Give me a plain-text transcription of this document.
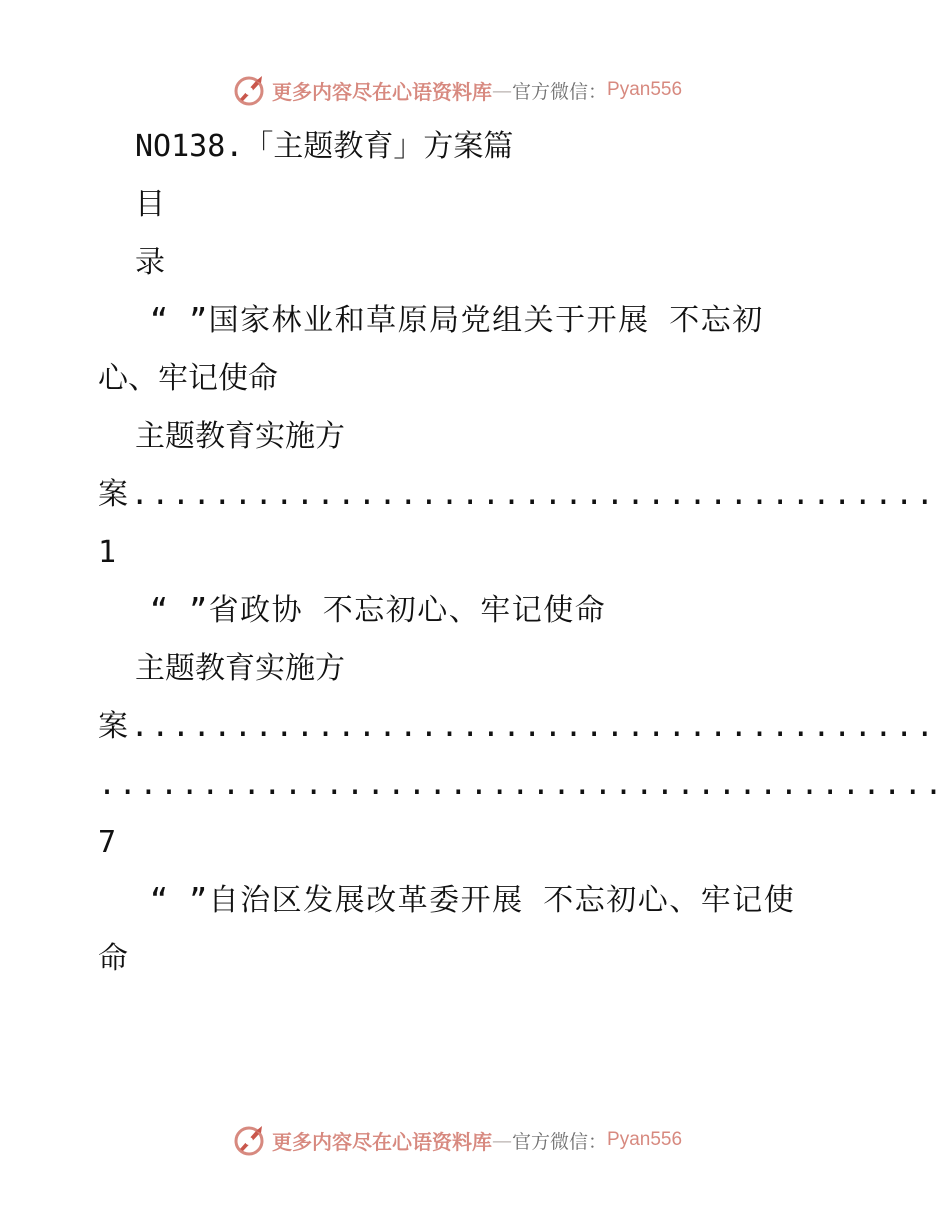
更多内容尽在心语资料库 — 官方微信： Pyan556
NO138.「主题教育」方案篇
目
录
“ ”国家林业和草原局党组关于开展 不忘初
心、牢记使命
主题教育实施方
案.......................................
1
“ ”省政协 不忘初心、牢记使命
主题教育实施方
案.......................................
.........................................
7
“ ”自治区发展改革委开展 不忘初心、牢记使
命
更多内容尽在心语资料库 — 官方微信： Pyan556
